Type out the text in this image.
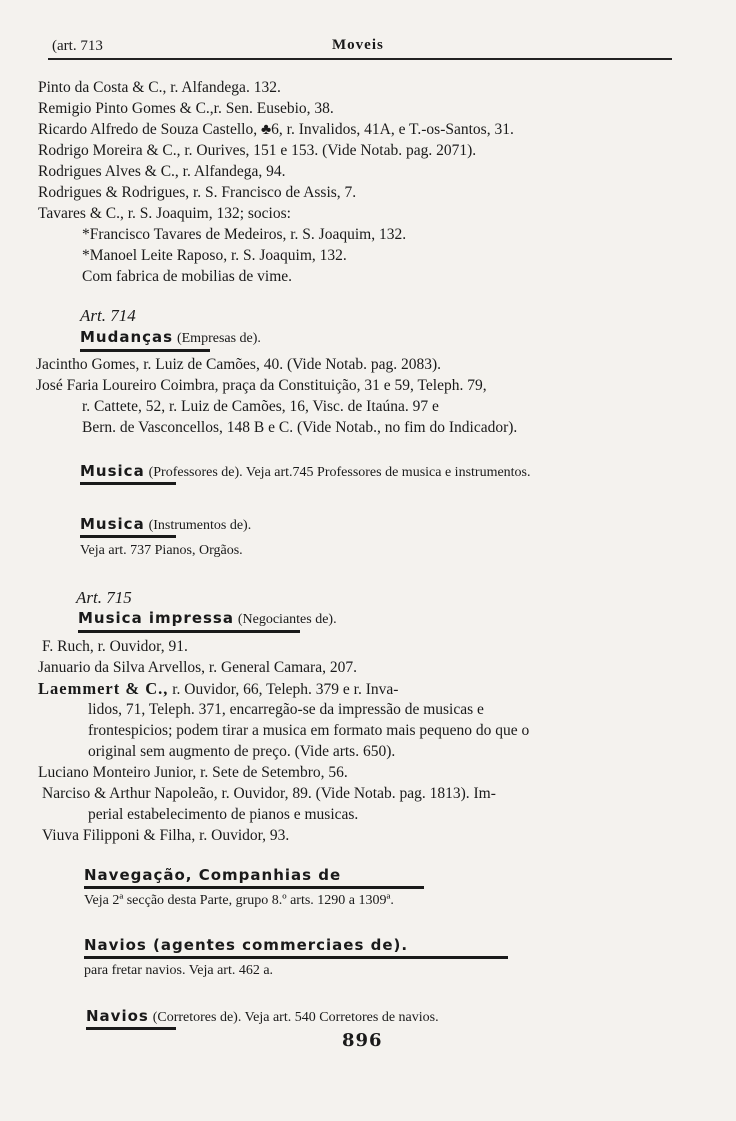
(art. 713	Moveis
Pinto da Costa & C., r. Alfandega. 132.
Remigio Pinto Gomes & C.,r. Sen. Eusebio, 38.
Ricardo Alfredo de Souza Castello, ♣6, r. Invalidos, 41A, e T.-os-Santos, 31.
Rodrigo Moreira & C., r. Ourives, 151 e 153. (Vide Notab. pag. 2071).
Rodrigues Alves & C., r. Alfandega, 94.
Rodrigues & Rodrigues, r. S. Francisco de Assis, 7.
Tavares & C., r. S. Joaquim, 132; socios:
*Francisco Tavares de Medeiros, r. S. Joaquim, 132.
*Manoel Leite Raposo, r. S. Joaquim, 132.
Com fabrica de mobilias de vime.
Art. 714
Mudanças (Empresas de).
Jacintho Gomes, r. Luiz de Camões, 40. (Vide Notab. pag. 2083).
José Faria Loureiro Coimbra, praça da Constituição, 31 e 59, Teleph. 79,
r. Cattete, 52, r. Luiz de Camões, 16, Visc. de Itaúna. 97 e
Bern. de Vasconcellos, 148 B e C. (Vide Notab., no fim do Indicador).
Musica (Professores de). Veja art.745 Professores de musica e instrumentos.
Musica (Instrumentos de).
Veja art. 737 Pianos, Orgãos.
Art. 715
Musica impressa (Negociantes de).
F. Ruch, r. Ouvidor, 91.
Januario da Silva Arvellos, r. General Camara, 207.
Laemmert & C., r. Ouvidor, 66, Teleph. 379 e r. Inva-
lidos, 71, Teleph. 371, encarregão-se da impressão de musicas e
frontespicios; podem tirar a musica em formato mais pequeno do que o
original sem augmento de preço. (Vide arts. 650).
Luciano Monteiro Junior, r. Sete de Setembro, 56.
Narciso & Arthur Napoleão, r. Ouvidor, 89. (Vide Notab. pag. 1813). Im-
perial estabelecimento de pianos e musicas.
Viuva Filipponi & Filha, r. Ouvidor, 93.
Navegação, Companhias de
Veja 2ª secção desta Parte, grupo 8.º arts. 1290 a 1309ª.
Navios (agentes commerciaes de).
para fretar navios. Veja art. 462 a.
Navios (Corretores de). Veja art. 540 Corretores de navios.
896
